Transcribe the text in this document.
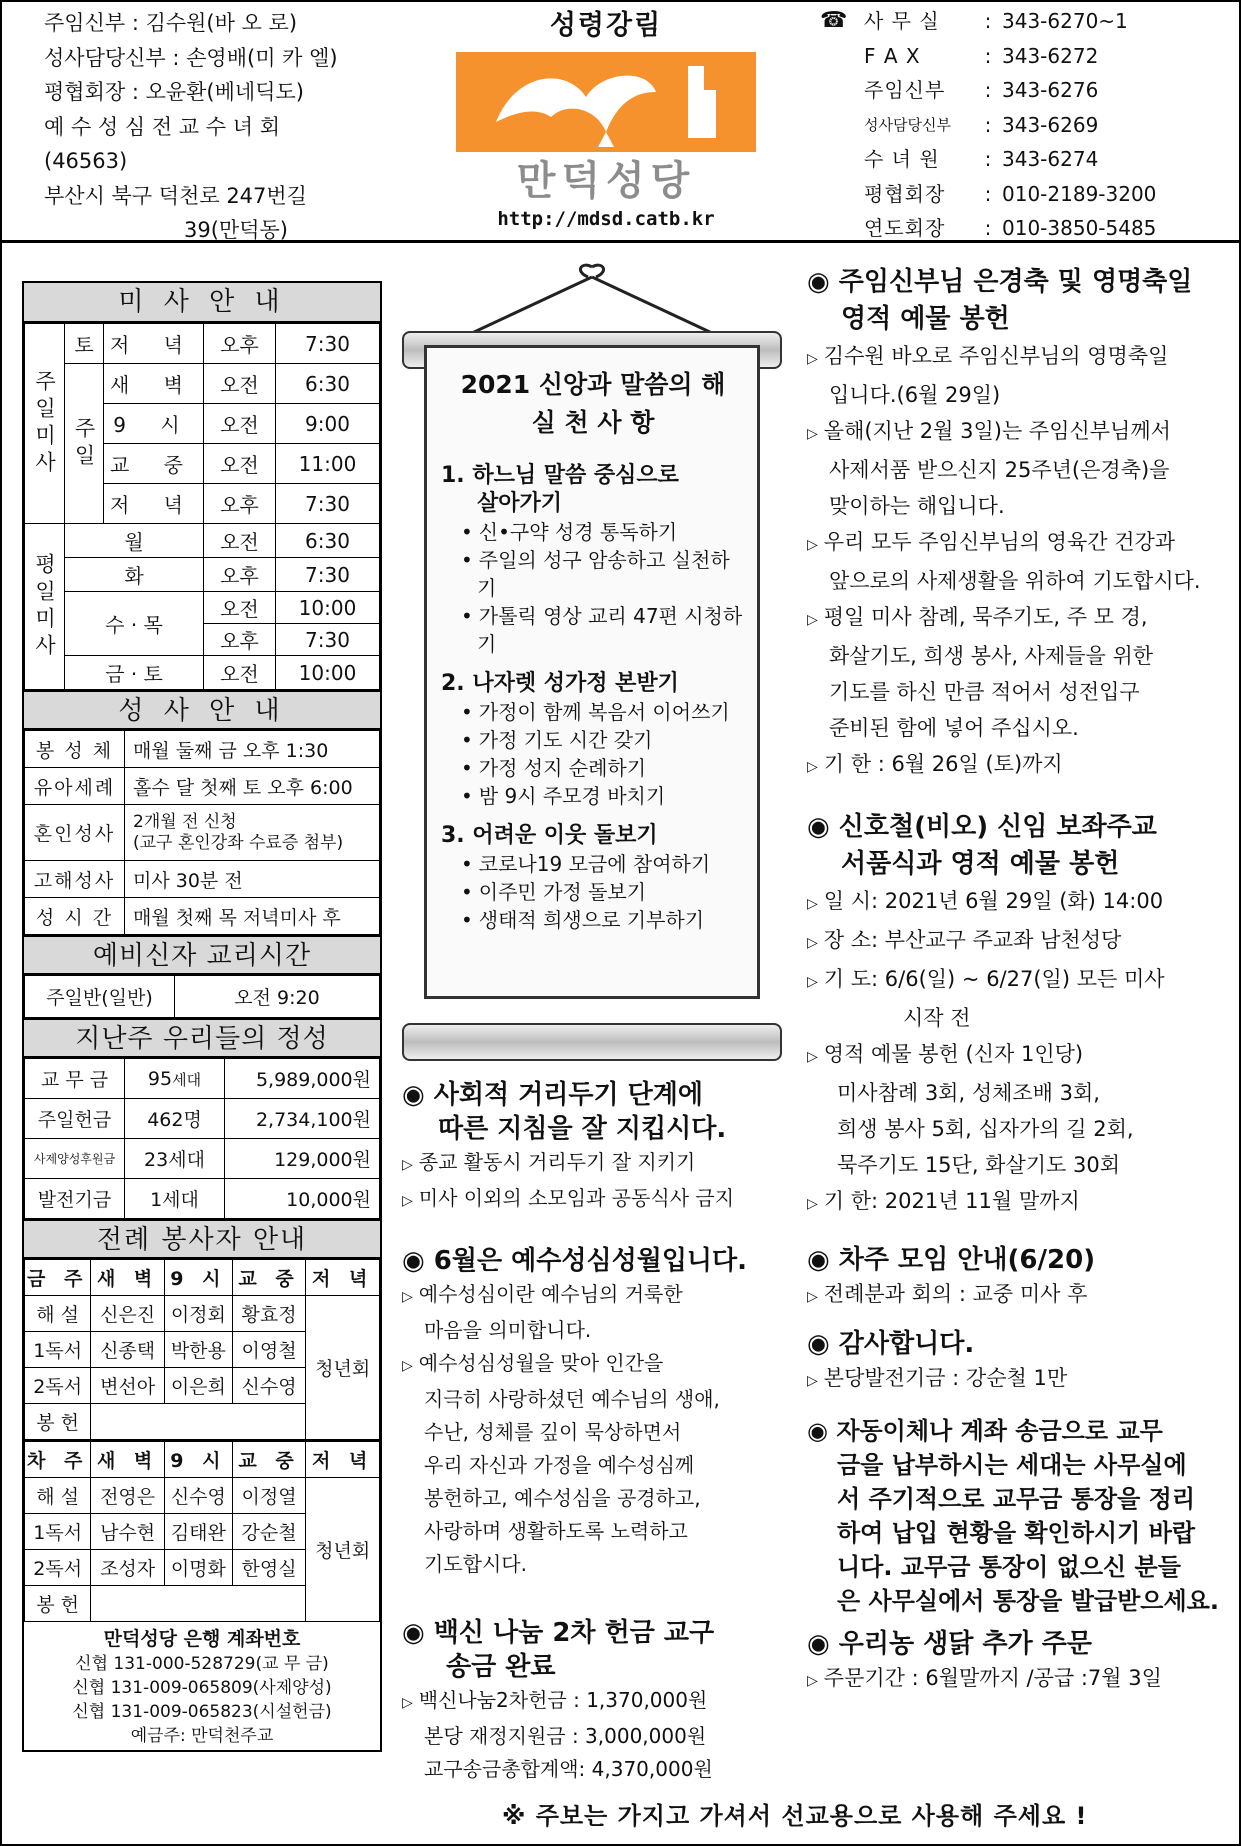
주임신부 : 김수원(바 오 로)
성사담당신부 : 손영배(미 카 엘)
평협회장 : 오윤환(베네딕도)
예 수 성 심 전 교 수 녀 회
(46563)
부산시 북구 덕천로 247번길
39(만덕동)
성령강림
만덕성당
http://mdsd.catb.kr
☎ 사 무 실	: 343-6270~1
F A X	: 343-6272
주임신부	: 343-6276
성사담당신부	: 343-6269
수 녀 원	: 343-6274
평협회장	: 010-2189-3200
연도회장	: 010-3850-5485
미 사 안 내
주일미사	토	저 녁	오후	7:30
	주일	새 벽	오전	6:30
		9 시	오전	9:00
		교 중	오전	11:00
		저 녁	오후	7:30
평일미사	월		오전	6:30
	화		오후	7:30
	수 · 목		오전	10:00
			오후	7:30
	금 · 토		오전	10:00
성 사 안 내
봉 성 체	매월 둘째 금 오후 1:30
유아세례	홀수 달 첫째 토 오후 6:00
혼인성사	2개월 전 신청
(교구 혼인강좌 수료증 첨부)

고해성사	미사 30분 전
성 시 간	매월 첫째 목 저녁미사 후
예비신자 교리시간
주일반(일반)	오전 9:20
지난주 우리들의 정성
교 무 금	95세대	5,989,000원
주일헌금	462명	2,734,100원
사제양성후원금	23세대	129,000원
발전기금	1세대	10,000원
전례 봉사자 안내
금 주	새 벽	9 시	교 중	저 녁
해 설	신은진	이정회	황효정	청년회
1독서	신종택	박한용	이영철	
2독서	변선아	이은희	신수영	
봉 헌				
차 주	새 벽	9 시	교 중	저 녁
해 설	전영은	신수영	이정열	청년회
1독서	남수현	김태완	강순철	
2독서	조성자	이명화	한영실	
봉 헌				
만덕성당 은행 계좌번호
신협 131-000-528729(교 무 금)
신협 131-009-065809(사제양성)
신협 131-009-065823(시설헌금)
예금주: 만덕천주교
2021 신앙과 말씀의 해
실 천 사 항
1. 하느님 말씀 중심으로
살아가기
• 신•구약 성경 통독하기
• 주일의 성구 암송하고 실천하기
• 가톨릭 영상 교리 47편 시청하기
2. 나자렛 성가정 본받기
• 가정이 함께 복음서 이어쓰기
• 가정 기도 시간 갖기
• 가정 성지 순례하기
• 밤 9시 주모경 바치기
3. 어려운 이웃 돌보기
• 코로나19 모금에 참여하기
• 이주민 가정 돌보기
• 생태적 희생으로 기부하기
◉ 사회적 거리두기 단계에
따른 지침을 잘 지킵시다.
▷ 종교 활동시 거리두기 잘 지키기
▷ 미사 이외의 소모임과 공동식사 금지
◉ 6월은 예수성심성월입니다.
▷ 예수성심이란 예수님의 거룩한
마음을 의미합니다.
▷ 예수성심성월을 맞아 인간을
지극히 사랑하셨던 예수님의 생애,
수난, 성체를 깊이 묵상하면서
우리 자신과 가정을 예수성심께
봉헌하고, 예수성심을 공경하고,
사랑하며 생활하도록 노력하고
기도합시다.
◉ 백신 나눔 2차 헌금 교구
송금 완료
▷ 백신나눔2차헌금 : 1,370,000원
본당 재정지원금 : 3,000,000원
교구송금총합계액: 4,370,000원
◉ 주임신부님 은경축 및 영명축일
영적 예물 봉헌
▷ 김수원 바오로 주임신부님의 영명축일
입니다.(6월 29일)
▷ 올해(지난 2월 3일)는 주임신부님께서
사제서품 받으신지 25주년(은경축)을
맞이하는 해입니다.
▷ 우리 모두 주임신부님의 영육간 건강과
앞으로의 사제생활을 위하여 기도합시다.
▷ 평일 미사 참례, 묵주기도, 주 모 경,
화살기도, 희생 봉사, 사제들을 위한
기도를 하신 만큼 적어서 성전입구
준비된 함에 넣어 주십시오.
▷ 기 한 : 6월 26일 (토)까지
◉ 신호철(비오) 신임 보좌주교
서품식과 영적 예물 봉헌
▷ 일 시: 2021년 6월 29일 (화) 14:00
▷ 장 소: 부산교구 주교좌 남천성당
▷ 기 도: 6/6(일) ~ 6/27(일) 모든 미사
시작 전
▷ 영적 예물 봉헌 (신자 1인당)
미사참례 3회, 성체조배 3회,
희생 봉사 5회, 십자가의 길 2회,
묵주기도 15단, 화살기도 30회
▷ 기 한: 2021년 11월 말까지
◉ 차주 모임 안내(6/20)
▷ 전례분과 회의 : 교중 미사 후
◉ 감사합니다.
▷ 본당발전기금 : 강순철 1만
◉ 자동이체나 계좌 송금으로 교무
금을 납부하시는 세대는 사무실에
서 주기적으로 교무금 통장을 정리
하여 납입 현황을 확인하시기 바랍
니다. 교무금 통장이 없으신 분들
은 사무실에서 통장을 발급받으세요.
◉ 우리농 생닭 추가 주문
▷ 주문기간 : 6월말까지 /공급 :7월 3일
※ 주보는 가지고 가셔서 선교용으로 사용해 주세요 !
